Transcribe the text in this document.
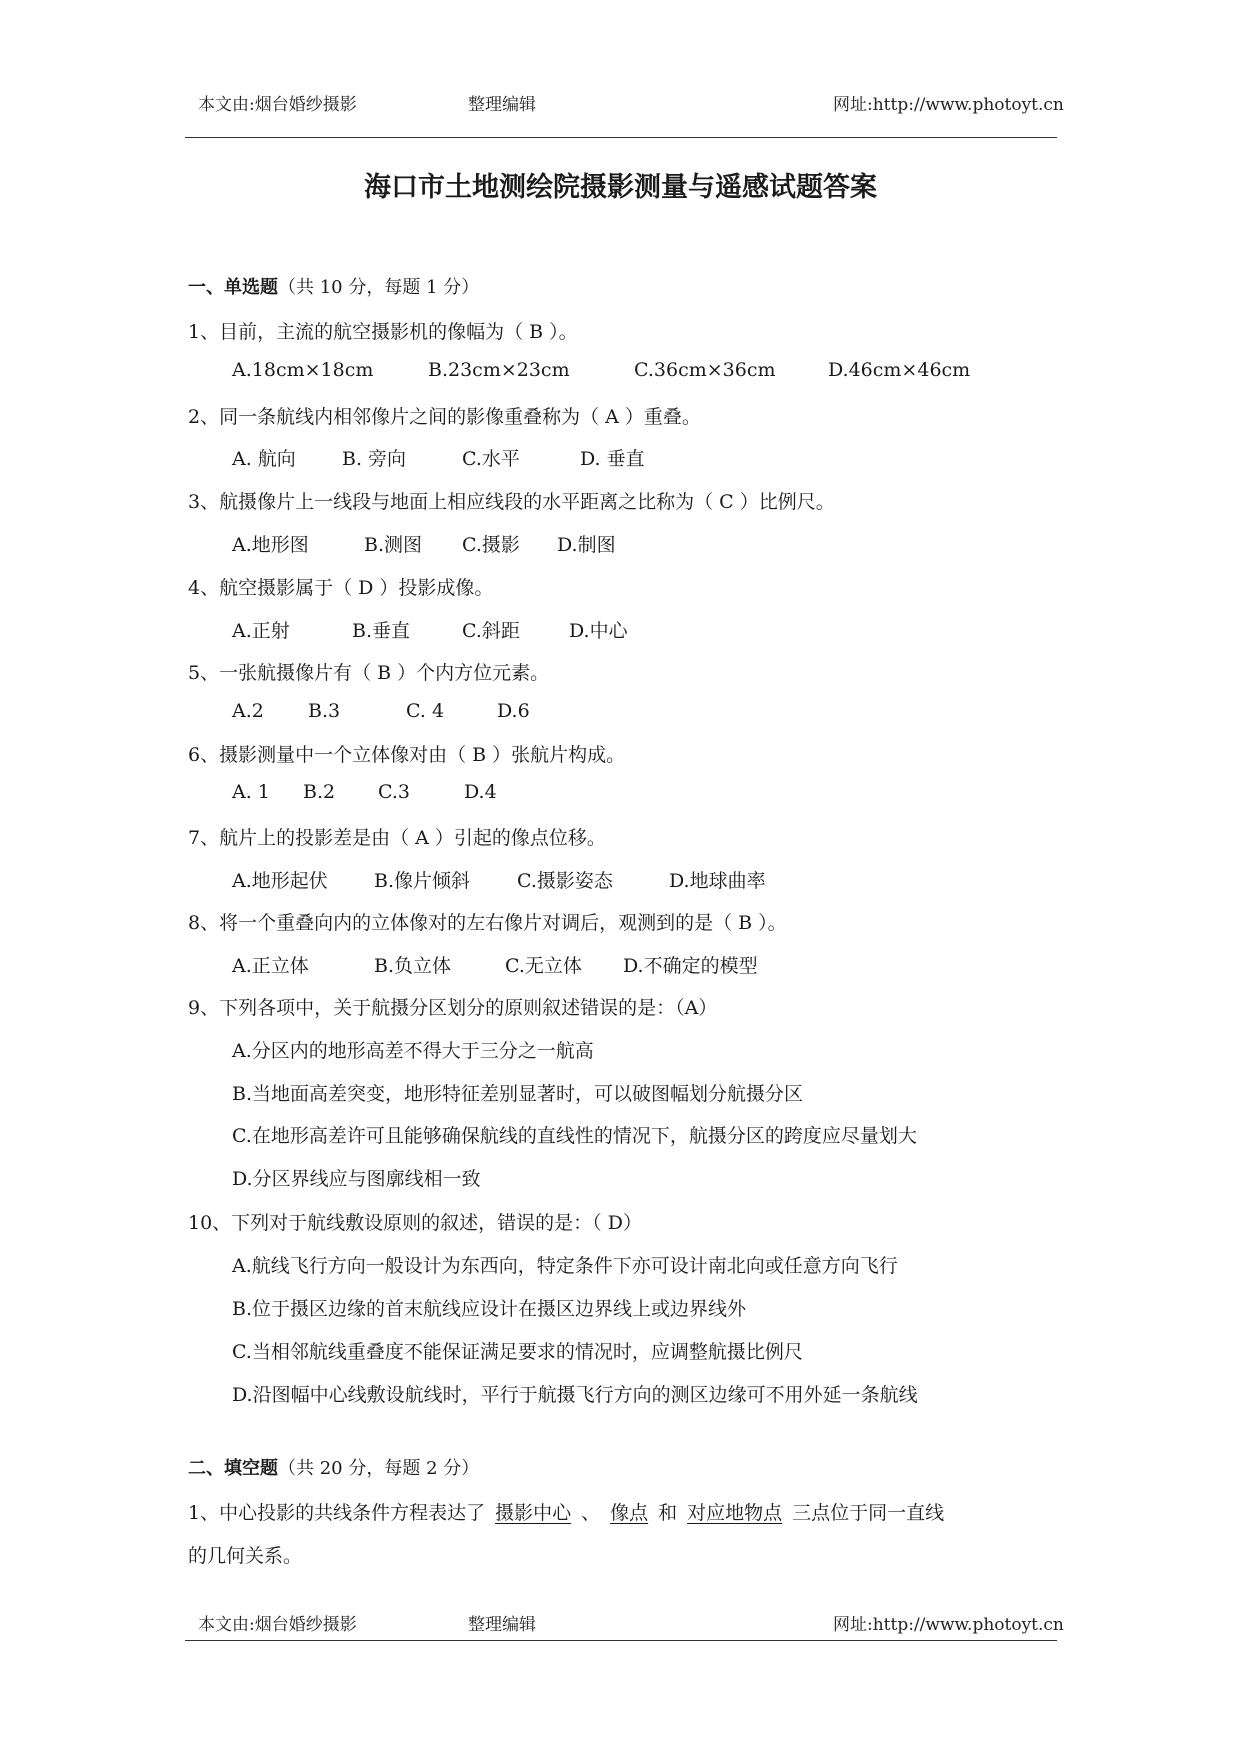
本文由:烟台婚纱摄影	整理编辑	网址:http://www.photoyt.cn
海口市土地测绘院摄影测量与遥感试题答案
一、单选题（共 10 分，每题 1 分）
1、目前，主流的航空摄影机的像幅为（ B ）。
A.18cm×18cm	B.23cm×23cm	C.36cm×36cm	D.46cm×46cm
2、同一条航线内相邻像片之间的影像重叠称为（ A ）重叠。
A. 航向 B. 旁向	C.水平	D. 垂直
3、航摄像片上一线段与地面上相应线段的水平距离之比称为（ C ）比例尺。
A.地形图	B.测图 C.摄影 D.制图
4、航空摄影属于（ D ）投影成像。
A.正射	B.垂直	C.斜距	D.中心
5、一张航摄像片有（ B ）个内方位元素。
A.2 B.3	C. 4	D.6
6、摄影测量中一个立体像对由（ B ）张航片构成。
A. 1 B.2 C.3	D.4
7、航片上的投影差是由（ A ）引起的像点位移。
A.地形起伏 B.像片倾斜 C.摄影姿态	D.地球曲率
8、将一个重叠向内的立体像对的左右像片对调后，观测到的是（ B ）。
A.正立体	B.负立体	C.无立体 D.不确定的模型
9、下列各项中，关于航摄分区划分的原则叙述错误的是：（A）
A.分区内的地形高差不得大于三分之一航高
B.当地面高差突变，地形特征差别显著时，可以破图幅划分航摄分区
C.在地形高差许可且能够确保航线的直线性的情况下，航摄分区的跨度应尽量划大
D.分区界线应与图廓线相一致
10、下列对于航线敷设原则的叙述，错误的是：（ D）
A.航线飞行方向一般设计为东西向，特定条件下亦可设计南北向或任意方向飞行
B.位于摄区边缘的首末航线应设计在摄区边界线上或边界线外
C.当相邻航线重叠度不能保证满足要求的情况时，应调整航摄比例尺
D.沿图幅中心线敷设航线时，平行于航摄飞行方向的测区边缘可不用外延一条航线
二、填空题（共 20 分，每题 2 分）
1、中心投影的共线条件方程表达了 摄影中心 、 像点 和 对应地物点 三点位于同一直线
的几何关系。
本文由:烟台婚纱摄影	整理编辑	网址:http://www.photoyt.cn
